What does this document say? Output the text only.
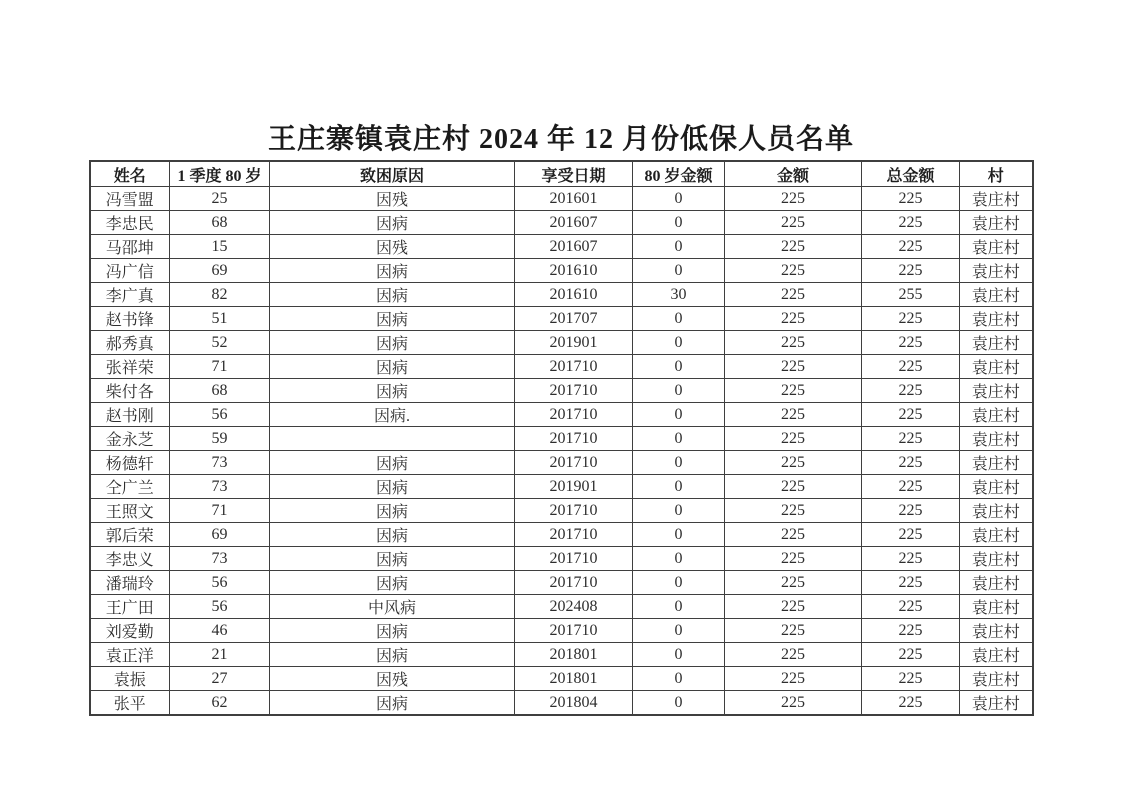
王庄寨镇袁庄村 2024 年 12 月份低保人员名单
姓名	1 季度 80 岁	致困原因	享受日期	80 岁金额	金额	总金额	村
冯雪盟	25	因残	201601	0	225	225	袁庄村
李忠民	68	因病	201607	0	225	225	袁庄村
马邵坤	15	因残	201607	0	225	225	袁庄村
冯广信	69	因病	201610	0	225	225	袁庄村
李广真	82	因病	201610	30	225	255	袁庄村
赵书锋	51	因病	201707	0	225	225	袁庄村
郝秀真	52	因病	201901	0	225	225	袁庄村
张祥荣	71	因病	201710	0	225	225	袁庄村
柴付各	68	因病	201710	0	225	225	袁庄村
赵书刚	56	因病.	201710	0	225	225	袁庄村
金永芝	59		201710	0	225	225	袁庄村
杨德轩	73	因病	201710	0	225	225	袁庄村
仝广兰	73	因病	201901	0	225	225	袁庄村
王照文	71	因病	201710	0	225	225	袁庄村
郭后荣	69	因病	201710	0	225	225	袁庄村
李忠义	73	因病	201710	0	225	225	袁庄村
潘瑞玲	56	因病	201710	0	225	225	袁庄村
王广田	56	中风病	202408	0	225	225	袁庄村
刘爱勤	46	因病	201710	0	225	225	袁庄村
袁正洋	21	因病	201801	0	225	225	袁庄村
袁振	27	因残	201801	0	225	225	袁庄村
张平	62	因病	201804	0	225	225	袁庄村
